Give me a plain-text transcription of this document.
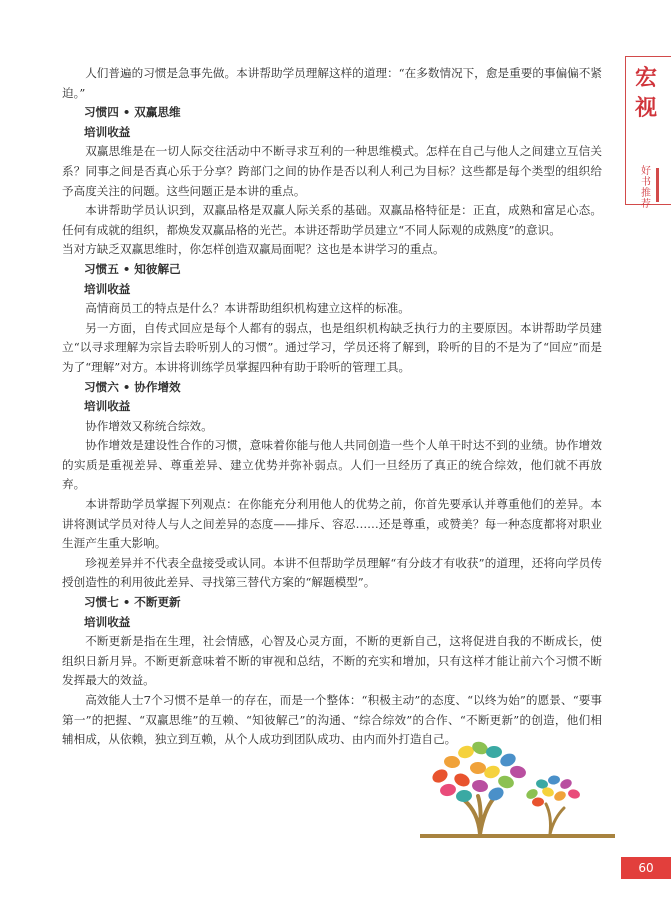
人们普遍的习惯是急事先做。本讲帮助学员理解这样的道理：“在多数情况下，愈是重要的事偏偏不紧迫。”

习惯四 • 双赢思维

培训收益

双赢思维是在一切人际交往活动中不断寻求互利的一种思维模式。怎样在自己与他人之间建立互信关系？同事之间是否真心乐于分享？跨部门之间的协作是否以利人利己为目标？这些都是每个类型的组织给予高度关注的问题。这些问题正是本讲的重点。

本讲帮助学员认识到，双赢品格是双赢人际关系的基础。双赢品格特征是：正直，成熟和富足心态。任何有成就的组织，都焕发双赢品格的光芒。本讲还帮助学员建立“不同人际观的成熟度”的意识。

当对方缺乏双赢思维时，你怎样创造双赢局面呢？这也是本讲学习的重点。

习惯五 • 知彼解己

培训收益

高情商员工的特点是什么？本讲帮助组织机构建立这样的标准。

另一方面，自传式回应是每个人都有的弱点，也是组织机构缺乏执行力的主要原因。本讲帮助学员建立“以寻求理解为宗旨去聆听别人的习惯”。通过学习，学员还将了解到，聆听的目的不是为了“回应”而是为了“理解”对方。本讲将训练学员掌握四种有助于聆听的管理工具。

习惯六 • 协作增效

培训收益

协作增效又称统合综效。

协作增效是建设性合作的习惯，意味着你能与他人共同创造一些个人单干时达不到的业绩。协作增效的实质是重视差异、尊重差异、建立优势并弥补弱点。人们一旦经历了真正的统合综效，他们就不再放弃。

本讲帮助学员掌握下列观点：在你能充分利用他人的优势之前，你首先要承认并尊重他们的差异。本讲将测试学员对待人与人之间差异的态度——排斥、容忍……还是尊重，或赞美？每一种态度都将对职业生涯产生重大影响。

珍视差异并不代表全盘接受或认同。本讲不但帮助学员理解“有分歧才有收获”的道理，还将向学员传授创造性的利用彼此差异、寻找第三替代方案的“解题模型”。

习惯七 • 不断更新

培训收益

不断更新是指在生理，社会情感，心智及心灵方面，不断的更新自己，这将促进自我的不断成长，使组织日新月异。不断更新意味着不断的审视和总结，不断的充实和增加，只有这样才能让前六个习惯不断发挥最大的效益。

高效能人士7个习惯不是单一的存在，而是一个整体：“积极主动”的态度、“以终为始”的愿景、“要事第一”的把握、“双赢思维”的互赖、“知彼解己”的沟通、“综合综效”的合作、“不断更新”的创造，他们相辅相成，从依赖，独立到互赖，从个人成功到团队成功、由内而外打造自己。

宏
视
好
书
推
荐
60
